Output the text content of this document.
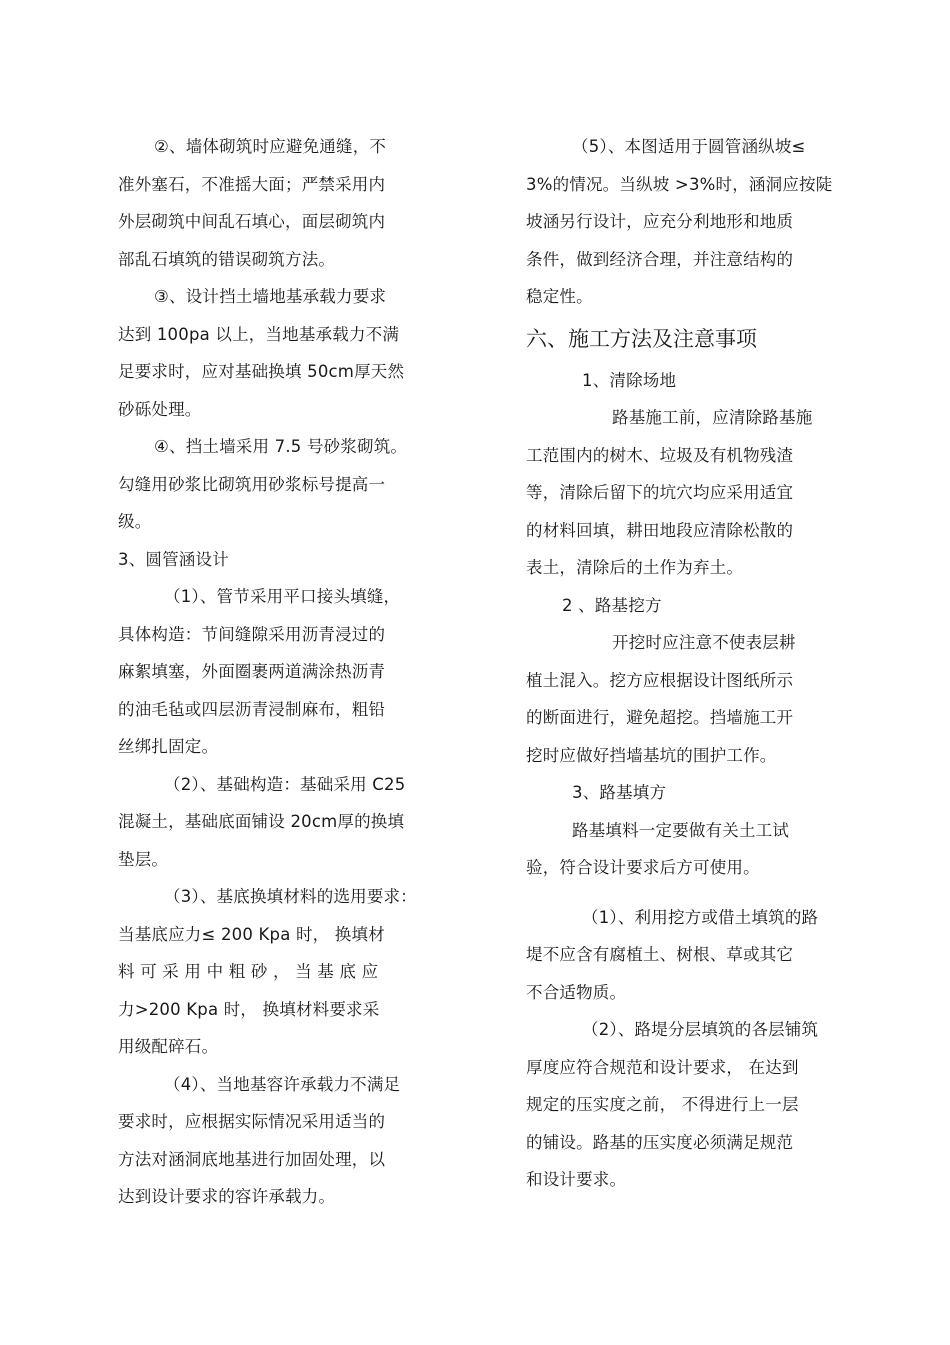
②、墙体砌筑时应避免通缝，不
准外塞石，不准摇大面；严禁采用内
外层砌筑中间乱石填心，面层砌筑内
部乱石填筑的错误砌筑方法。
③、设计挡土墙地基承载力要求
达到 100pa 以上，当地基承载力不满
足要求时，应对基础换填 50cm厚天然
砂砾处理。
④、挡土墙采用 7.5 号砂浆砌筑。
勾缝用砂浆比砌筑用砂浆标号提高一
级。
3、圆管涵设计
（1）、管节采用平口接头填缝，
具体构造：节间缝隙采用沥青浸过的
麻絮填塞，外面圈裹两道满涂热沥青
的油毛毡或四层沥青浸制麻布，粗铅
丝绑扎固定。
（2）、基础构造：基础采用 C25
混凝土，基础底面铺设 20cm厚的换填
垫层。
（3）、基底换填材料的选用要求：
当基底应力≤ 200 Kpa 时， 换填材
料 可 采 用 中 粗 砂 ， 当 基 底 应
力>200 Kpa 时， 换填材料要求采
用级配碎石。
（4）、当地基容许承载力不满足
要求时，应根据实际情况采用适当的
方法对涵洞底地基进行加固处理，以
达到设计要求的容许承载力。
（5）、本图适用于圆管涵纵坡≤
3%的情况。当纵坡 >3%时，涵洞应按陡
坡涵另行设计，应充分利地形和地质
条件，做到经济合理，并注意结构的
稳定性。
六、施工方法及注意事项
1、清除场地
路基施工前，应清除路基施
工范围内的树木、垃圾及有机物残渣
等，清除后留下的坑穴均应采用适宜
的材料回填，耕田地段应清除松散的
表土，清除后的土作为弃土。
2 、路基挖方
开挖时应注意不使表层耕
植土混入。挖方应根据设计图纸所示
的断面进行，避免超挖。挡墙施工开
挖时应做好挡墙基坑的围护工作。
3、路基填方
路基填料一定要做有关土工试
验，符合设计要求后方可使用。
（1）、利用挖方或借土填筑的路
堤不应含有腐植土、树根、草或其它
不合适物质。
（2）、路堤分层填筑的各层铺筑
厚度应符合规范和设计要求， 在达到
规定的压实度之前， 不得进行上一层
的铺设。路基的压实度必须满足规范
和设计要求。
